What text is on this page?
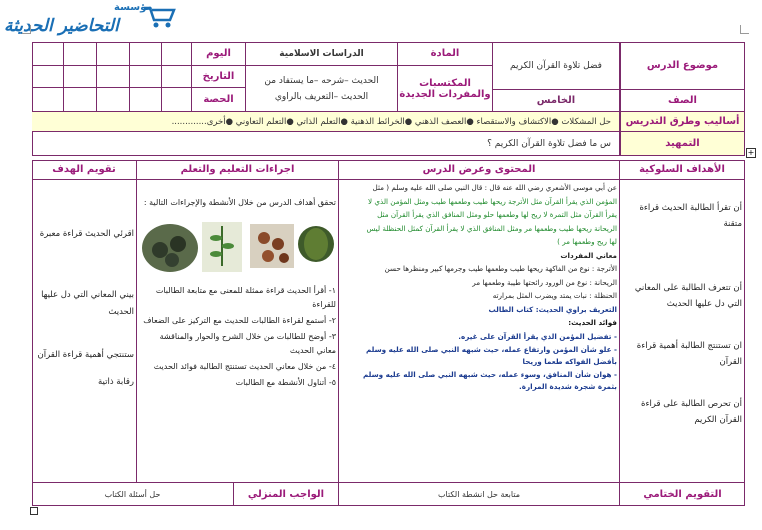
مؤسسة
التحاضير الحديثة
موضوع الدرس
فضل تلاوة القرآن الكريم
المادة
الدراسات الاسلامية
اليوم
المكتسبات والمفردات الجديدة
الحديث –شرحه –ما يستفاد من
الحديث –التعريف بالراوي
التاريخ
الصف
الخامس
الحصة
أساليب وطرق التدريس
حل المشكلات ●الاكتشاف والاستقصاء ●العصف الذهني ●الخرائط الذهنية ●التعلم الذاتي ●التعلم التعاوني ●أخرى.............
التمهيد
س ما فضل تلاوة القرآن الكريم ؟
+
الأهداف السلوكية
المحتوى وعرض الدرس
اجراءات التعليم والتعلم
تقويم الهدف

أن تقرأ الطالبة الحديث قراءة متقنة

أن تتعرف الطالبة على المعاني التي دل عليها الحديث

ان تستنتج الطالبة أهمية قراءة القرآن

أن تحرص الطالبة على قراءة القرآن الكريم

عن أبي موسى الأشعري رضي الله عنه قال : قال النبي صلى الله عليه وسلم ( مثل
المؤمن الذي يقرأ القرآن مثل الأترجة ريحها طيب وطعمها طيب ومثل المؤمن الذي لا
يقرأ القرآن مثل التمرة لا ريح لها وطعمها حلو ومثل المنافق الذي يقرأ القرآن مثل
الريحانة ريحها طيب وطعمها مر ومثل المنافق الذي لا يقرأ القرآن كمثل الحنظلة ليس
لها ريح وطعمها مر )
معاني المفردات
الأترجة : نوع من الفاكهة ريحها طيب وطعمها طيب وجرمها كبير ومنظرها حسن
الريحانة : نوع من الورود رائحتها طيبة وطعمها مر
الحنظلة : نبات يمتد ويضرب المثل بمرارته
التعريف براوي الحديث: كتاب الطالب
فوائد الحديث:
- تفضيل المؤمن الذي يقرأ القرآن على غيره.
- علو شأن المؤمن وارتفاع عمله، حيث شبهه النبي صلى الله عليه وسلم بأفضل الفواكه طعما وريحا
- هوان شأن المنافق، وسوء عمله، حيث شبهه النبي صلى الله عليه وسلم بثمرة شجرة شديدة المرارة.
تحقق أهداف الدرس من خلال الأنشطة والإجراءات التالية :
١- أقرأ الحديث قراءة ممثلة للمعنى مع متابعة الطالبات للقراءة
٢- أستمع لقراءة الطالبات للحديث مع التركيز على الضعاف
٣- أوضح للطالبات من خلال الشرح والحوار والمناقشة معاني الحديث
٤- من خلال معاني الحديث تستنتج الطالبة فوائد الحديث
٥- أتناول الأنشطة مع الطالبات

اقرئي الحديث قراءة معبرة

بيني المعاني التي دل عليها الحديث

ستنتجي أهمية قراءة القرآن

رقابة ذاتية

التقويم الختامي
متابعة حل انشطة الكتاب
الواجب المنزلي
حل أسئلة الكتاب
